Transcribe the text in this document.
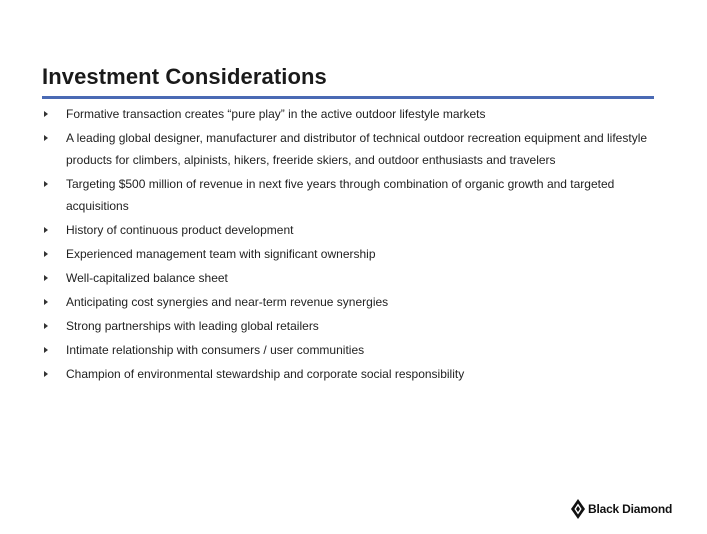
Investment Considerations
Formative transaction creates “pure play” in the active outdoor lifestyle markets
A leading global designer, manufacturer and distributor of technical outdoor recreation equipment and lifestyle products for climbers, alpinists, hikers, freeride skiers, and outdoor enthusiasts and travelers
Targeting $500 million of revenue in next five years through combination of organic growth and targeted acquisitions
History of continuous product development
Experienced management team with significant ownership
Well-capitalized balance sheet
Anticipating cost synergies and near-term revenue synergies
Strong partnerships with leading global retailers
Intimate relationship with consumers / user communities
Champion of environmental stewardship and corporate social responsibility
Black Diamond
